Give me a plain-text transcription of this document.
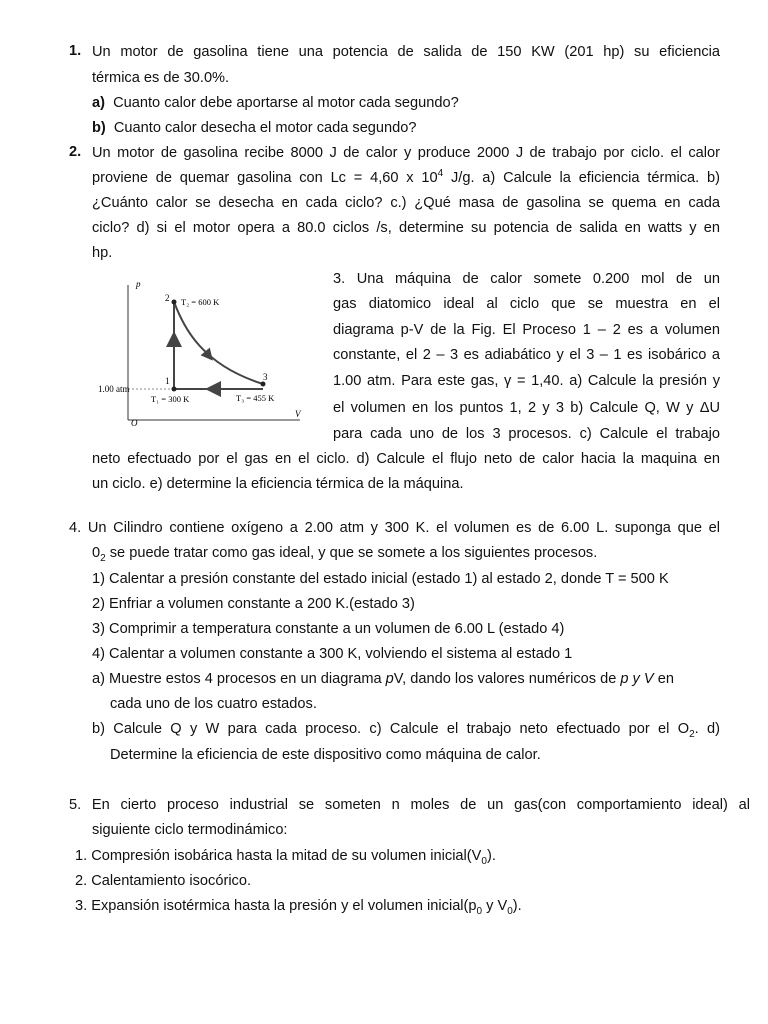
1. Un motor de gasolina tiene una potencia de salida de 150 KW (201 hp) su eficiencia
térmica es de 30.0%.
a) Cuanto calor debe aportarse al motor cada segundo?
b) Cuanto calor desecha el motor cada segundo?
2. Un motor de gasolina recibe 8000 J de calor y produce 2000 J de trabajo por ciclo. el calor
proviene de quemar gasolina con Lc = 4,60 x $10^4$ J/g. a) Calcule la eficiencia térmica. b)
¿Cuánto calor se desecha en cada ciclo? c.) ¿Qué masa de gasolina se quema en cada
ciclo? d) si el motor opera a 80.0 ciclos /s, determine su potencia de salida en watts y en
hp.
p
V
O
1.00 atm
1
2
3
T₂ = 600 K
T₁ = 300 K	T₃ = 455 K
3. Una máquina de calor somete 0.200 mol de un
gas diatomico ideal al ciclo que se muestra en el
diagrama p-V de la Fig. El Proceso 1 – 2 es a volumen
constante, el 2 – 3 es adiabático y el 3 – 1 es isobárico a
1.00 atm. Para este gas, γ = 1,40. a) Calcule la presión y
el volumen en los puntos 1, 2 y 3 b) Calcule Q, W y ΔU
para cada uno de los 3 procesos. c) Calcule el trabajo
neto efectuado por el gas en el ciclo. d) Calcule el flujo neto de calor hacia la maquina en
un ciclo. e) determine la eficiencia térmica de la máquina.
4. Un Cilindro contiene oxígeno a 2.00 atm y 300 K. el volumen es de 6.00 L. suponga que el
$0_2$ se puede tratar como gas ideal, y que se somete a los siguientes procesos.
1) Calentar a presión constante del estado inicial (estado 1) al estado 2, donde T = 500 K
2) Enfriar a volumen constante a 200 K.(estado 3)
3) Comprimir a temperatura constante a un volumen de 6.00 L (estado 4)
4) Calentar a volumen constante a 300 K, volviendo el sistema al estado 1
a) Muestre estos 4 procesos en un diagrama pV, dando los valores numéricos de p y V en
cada uno de los cuatro estados.
b) Calcule Q y W para cada proceso. c) Calcule el trabajo neto efectuado por el $O_2$. d)
Determine la eficiencia de este dispositivo como máquina de calor.
5. En cierto proceso industrial se someten n moles de un gas(con comportamiento ideal) al
siguiente ciclo termodinámico:
1. Compresión isobárica hasta la mitad de su volumen $inicial(V_0)$.
2. Calentamiento isocórico.
3. Expansión isotérmica hasta la presión y el volumen $inicial(p_0$ y $V_0$).
